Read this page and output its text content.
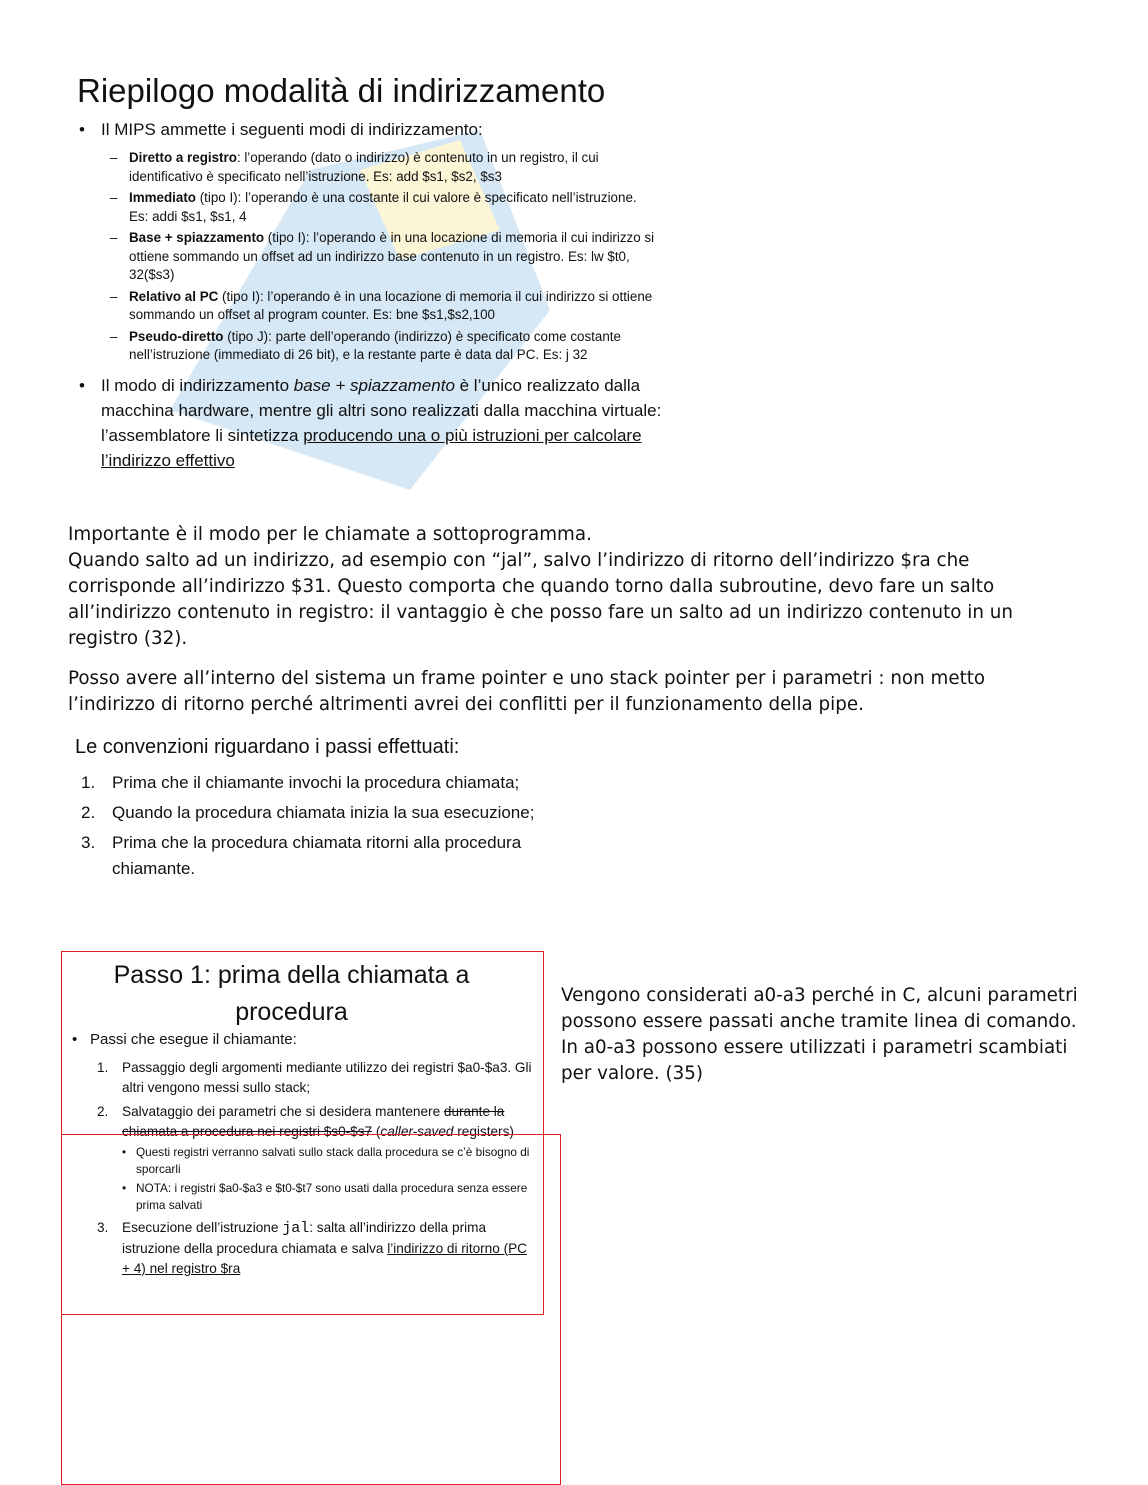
Riepilogo modalità di indirizzamento
• Il MIPS ammette i seguenti modi di indirizzamento:
– Diretto a registro: l’operando (dato o indirizzo) è contenuto in un registro, il cui identificativo è specificato nell’istruzione. Es: add $s1, $s2, $s3
– Immediato (tipo I): l’operando è una costante il cui valore è specificato nell’istruzione. Es: addi $s1, $s1, 4
– Base + spiazzamento (tipo I): l’operando è in una locazione di memoria il cui indirizzo si ottiene sommando un offset ad un indirizzo base contenuto in un registro. Es: lw $t0, 32($s3)
– Relativo al PC (tipo I): l’operando è in una locazione di memoria il cui indirizzo si ottiene sommando un offset al program counter. Es: bne $s1,$s2,100
– Pseudo-diretto (tipo J): parte dell’operando (indirizzo) è specificato come costante nell’istruzione (immediato di 26 bit), e la restante parte è data dal PC. Es: j 32
• Il modo di indirizzamento base + spiazzamento è l’unico realizzato dalla macchina hardware, mentre gli altri sono realizzati dalla macchina virtuale: l’assemblatore li sintetizza producendo una o più istruzioni per calcolare l’indirizzo effettivo

Importante è il modo per le chiamate a sottoprogramma.
Quando salto ad un indirizzo, ad esempio con “jal”, salvo l’indirizzo di ritorno dell’indirizzo $ra che corrisponde all’indirizzo $31. Questo comporta che quando torno dalla subroutine, devo fare un salto all’indirizzo contenuto in registro: il vantaggio è che posso fare un salto ad un indirizzo contenuto in un registro (32).

Posso avere all’interno del sistema un frame pointer e uno stack pointer per i parametri : non metto l’indirizzo di ritorno perché altrimenti avrei dei conflitti per il funzionamento della pipe.

Le convenzioni riguardano i passi effettuati:
1. Prima che il chiamante invochi la procedura chiamata;
2. Quando la procedura chiamata inizia la sua esecuzione;
3. Prima che la procedura chiamata ritorni alla procedura chiamante.
Passo 1: prima della chiamata a procedura
• Passi che esegue il chiamante:
1. Passaggio degli argomenti mediante utilizzo dei registri $a0-$a3. Gli altri vengono messi sullo stack;
2. Salvataggio dei parametri che si desidera mantenere durante la chiamata a procedura nei registri $s0-$s7 (caller-saved registers)
• Questi registri verranno salvati sullo stack dalla procedura se c’è bisogno di sporcarli
• NOTA: i registri $a0-$a3 e $t0-$t7 sono usati dalla procedura senza essere prima salvati
3. Esecuzione dell’istruzione jal: salta all’indirizzo della prima istruzione della procedura chiamata e salva l’indirizzo di ritorno (PC + 4) nel registro $ra

Vengono considerati a0-a3 perché in C, alcuni parametri possono essere passati anche tramite linea di comando.

In a0-a3 possono essere utilizzati i parametri scambiati per valore. (35)
